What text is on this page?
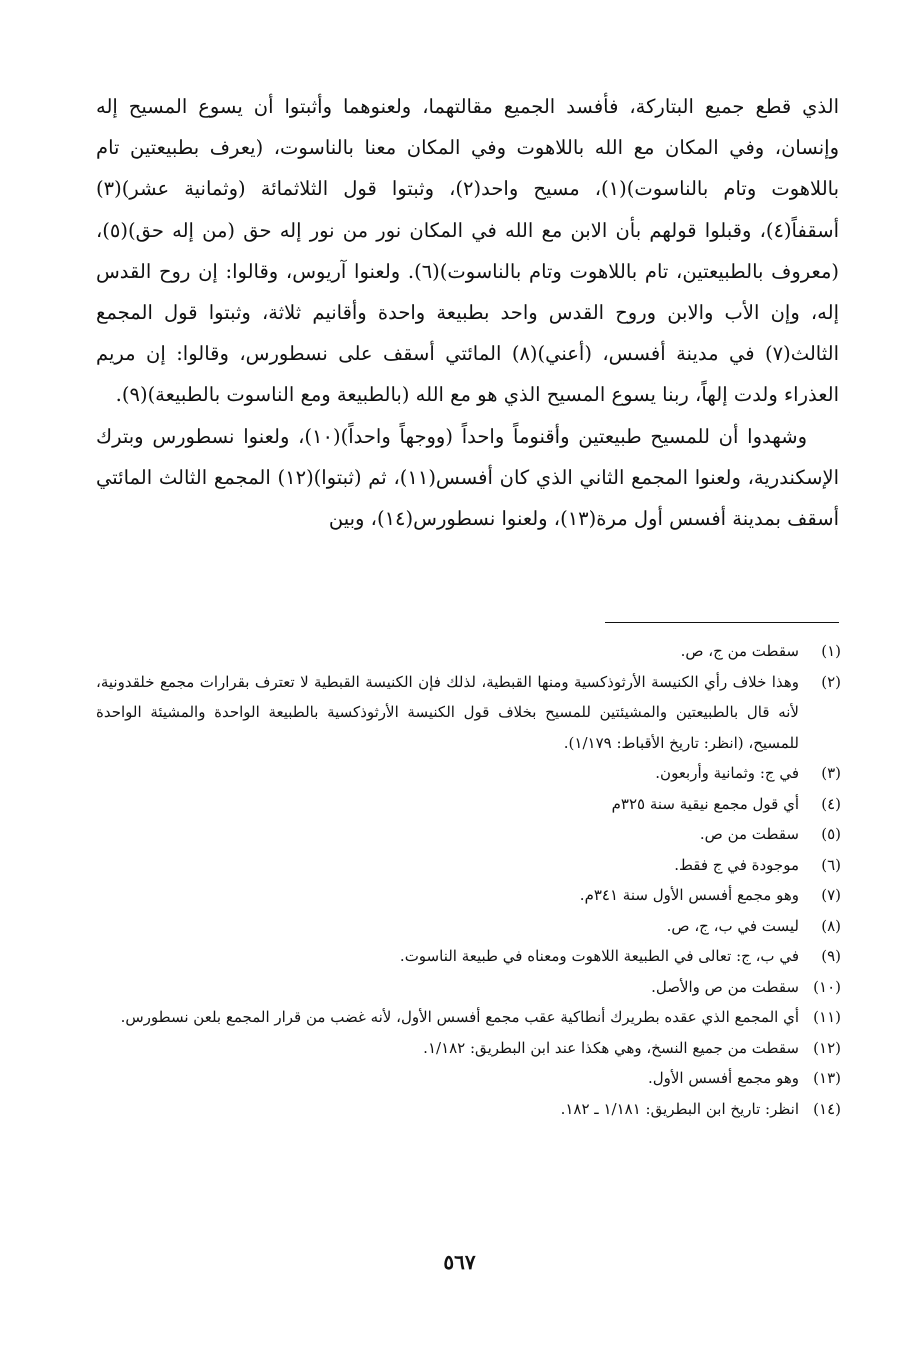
الذي قطع جميع البتاركة، فأفسد الجميع مقالتهما، ولعنوهما وأثبتوا أن يسوع المسيح إله وإنسان، وفي المكان مع الله باللاهوت وفي المكان معنا بالناسوت، (يعرف بطبيعتين تام باللاهوت وتام بالناسوت)(١)، مسيح واحد(٢)، وثبتوا قول الثلاثمائة (وثمانية عشر)(٣) أسقفاً(٤)، وقبلوا قولهم بأن الابن مع الله في المكان نور من نور إله حق (من إله حق)(٥)، (معروف بالطبيعتين، تام باللاهوت وتام بالناسوت)(٦). ولعنوا آريوس، وقالوا: إن روح القدس إله، وإن الأب والابن وروح القدس واحد بطبيعة واحدة وأقانيم ثلاثة، وثبتوا قول المجمع الثالث(٧) في مدينة أفسس، (أعني)(٨) المائتي أسقف على نسطورس، وقالوا: إن مريم العذراء ولدت إلهاً، ربنا يسوع المسيح الذي هو مع الله (بالطبيعة ومع الناسوت بالطبيعة)(٩).

وشهدوا أن للمسيح طبيعتين وأقنوماً واحداً (ووجهاً واحداً)(١٠)، ولعنوا نسطورس وبترك الإسكندرية، ولعنوا المجمع الثاني الذي كان أفسس(١١)، ثم (ثبتوا)(١٢) المجمع الثالث المائتي أسقف بمدينة أفسس أول مرة(١٣)، ولعنوا نسطورس(١٤)، وبين

(١)
سقطت من ج، ص.
(٢)
وهذا خلاف رأي الكنيسة الأرثوذكسية ومنها القبطية، لذلك فإن الكنيسة القبطية لا تعترف بقرارات مجمع خلقدونية، لأنه قال بالطبيعتين والمشيئتين للمسيح بخلاف قول الكنيسة الأرثوذكسية بالطبيعة الواحدة والمشيئة الواحدة للمسيح، (انظر: تاريخ الأقباط: ١/١٧٩).
(٣)
في ج: وثمانية وأربعون.
(٤)
أي قول مجمع نيقية سنة ٣٢٥م
(٥)
سقطت من ص.
(٦)
موجودة في ج فقط.
(٧)
وهو مجمع أفسس الأول سنة ٣٤١م.
(٨)
ليست في ب، ج، ص.
(٩)
في ب، ج: تعالى في الطبيعة اللاهوت ومعناه في طبيعة الناسوت.
(١٠)
سقطت من ص والأصل.
(١١)
أي المجمع الذي عقده بطريرك أنطاكية عقب مجمع أفسس الأول، لأنه غضب من قرار المجمع بلعن نسطورس.
(١٢)
سقطت من جميع النسخ، وهي هكذا عند ابن البطريق: ١/١٨٢.
(١٣)
وهو مجمع أفسس الأول.
(١٤)
انظر: تاريخ ابن البطريق: ١/١٨١ ـ ١٨٢.
٥٦٧
